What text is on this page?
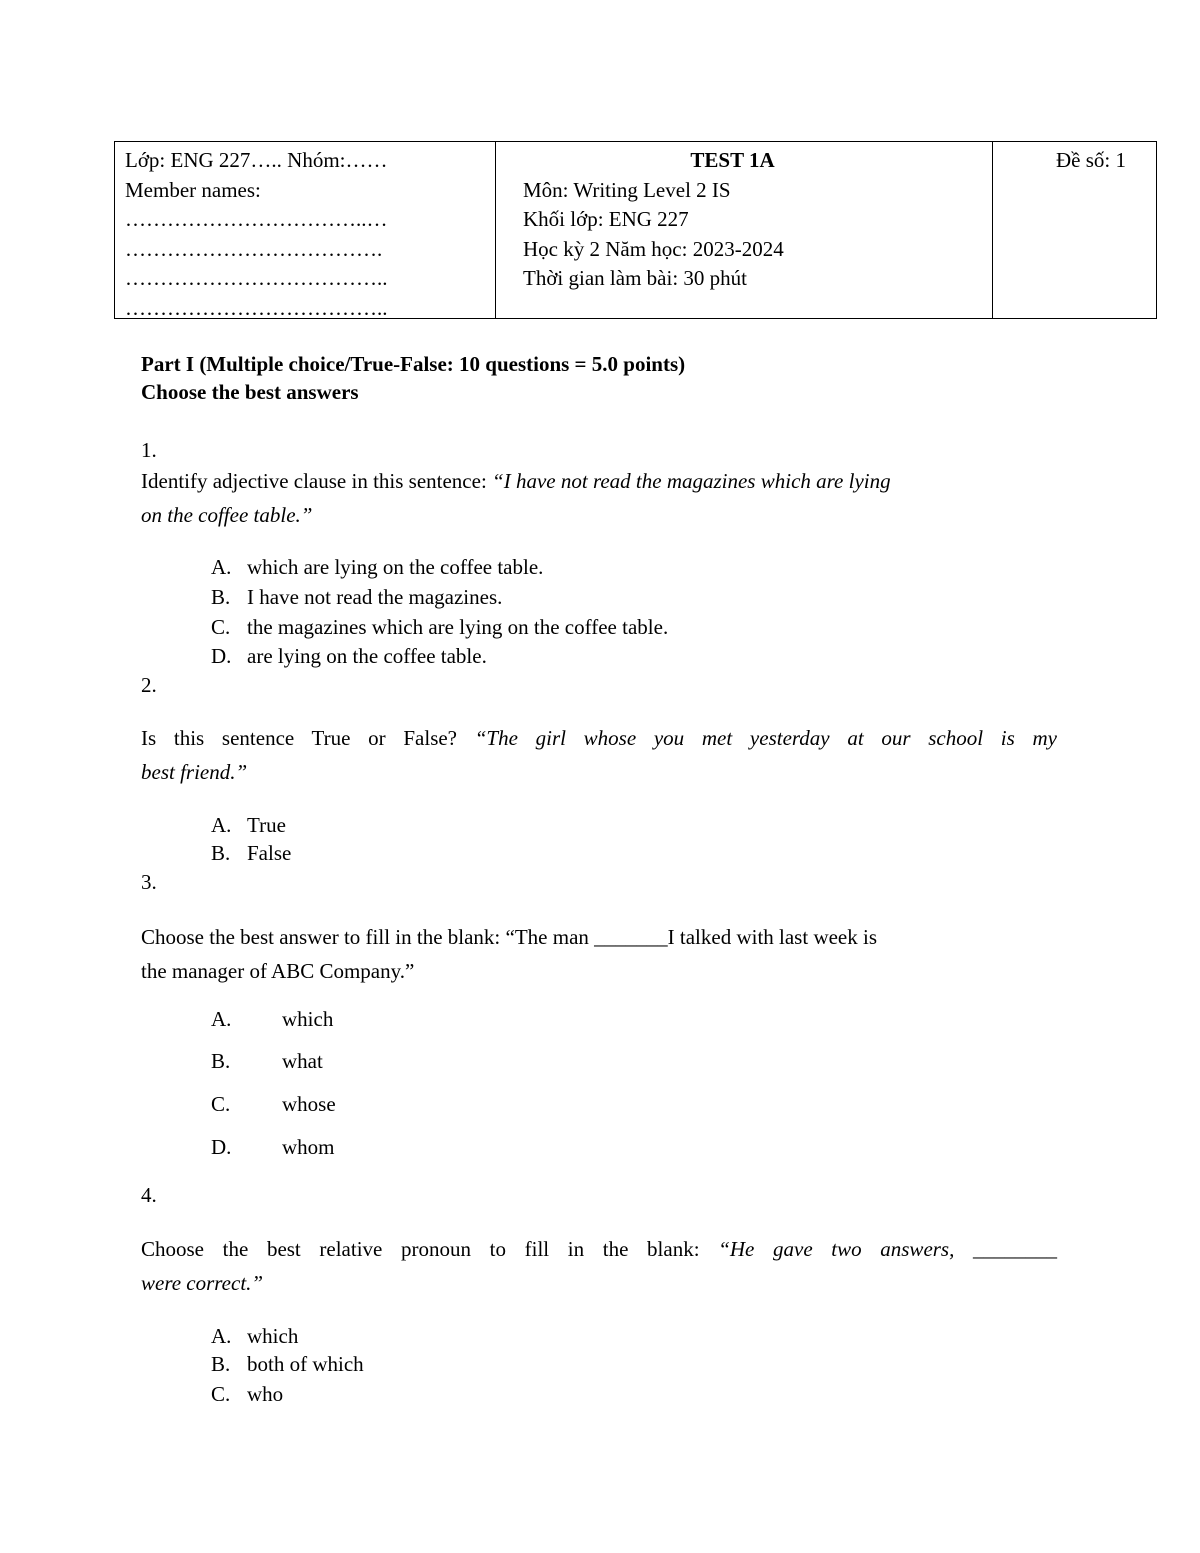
Lớp: ENG 227….. Nhóm:……
Member names:
……………………………..…
……………………………….
………………………………..
………………………………..
TEST 1A
Môn: Writing Level 2 IS
Khối lớp: ENG 227
Học kỳ 2 Năm học: 2023-2024
Thời gian làm bài: 30 phút
Đề số: 1
Part I (Multiple choice/True-False: 10 questions = 5.0 points)
Choose the best answers
1.
Identify adjective clause in this sentence: “I have not read the magazines which are lying
on the coffee table.”
A. which are lying on the coffee table.
B. I have not read the magazines.
C. the magazines which are lying on the coffee table.
D. are lying on the coffee table.
2.
Is this sentence True or False? “The girl whose you met yesterday at our school is my
best friend.”
A. True
B. False
3.
Choose the best answer to fill in the blank: “The man _______I talked with last week is
the manager of ABC Company.”
A. which
B. what
C. whose
D. whom
4.
Choose the best relative pronoun to fill in the blank: “He gave two answers, ________
were correct.”
A. which
B. both of which
C. who
